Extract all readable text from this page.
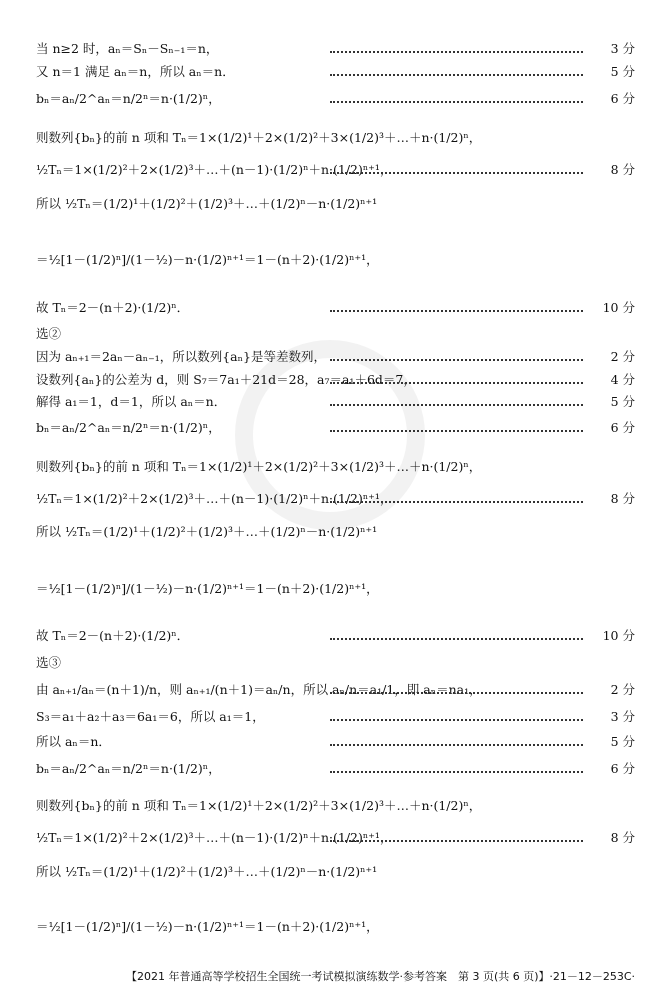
当 n≥2 时，aₙ＝Sₙ－Sₙ₋₁＝n，	3 分
又 n＝1 满足 aₙ＝n，所以 aₙ＝n．	5 分
bₙ＝aₙ/2^aₙ＝n/2ⁿ＝n·(1/2)ⁿ，	6 分
则数列{bₙ}的前 n 项和 Tₙ＝1×(1/2)¹＋2×(1/2)²＋3×(1/2)³＋…＋n·(1/2)ⁿ，
½Tₙ＝1×(1/2)²＋2×(1/2)³＋…＋(n－1)·(1/2)ⁿ＋n·(1/2)ⁿ⁺¹，	8 分
所以 ½Tₙ＝(1/2)¹＋(1/2)²＋(1/2)³＋…＋(1/2)ⁿ－n·(1/2)ⁿ⁺¹
＝½[1－(1/2)ⁿ]/(1－½)－n·(1/2)ⁿ⁺¹＝1－(n＋2)·(1/2)ⁿ⁺¹，
故 Tₙ＝2－(n＋2)·(1/2)ⁿ．	10 分
选②
因为 aₙ₊₁＝2aₙ－aₙ₋₁，所以数列{aₙ}是等差数列，	2 分
设数列{aₙ}的公差为 d，则 S₇＝7a₁＋21d＝28，a₇＝a₁＋6d＝7，	4 分
解得 a₁＝1，d＝1，所以 aₙ＝n．	5 分
bₙ＝aₙ/2^aₙ＝n/2ⁿ＝n·(1/2)ⁿ，	6 分
则数列{bₙ}的前 n 项和 Tₙ＝1×(1/2)¹＋2×(1/2)²＋3×(1/2)³＋…＋n·(1/2)ⁿ，
½Tₙ＝1×(1/2)²＋2×(1/2)³＋…＋(n－1)·(1/2)ⁿ＋n·(1/2)ⁿ⁺¹，	8 分
所以 ½Tₙ＝(1/2)¹＋(1/2)²＋(1/2)³＋…＋(1/2)ⁿ－n·(1/2)ⁿ⁺¹
＝½[1－(1/2)ⁿ]/(1－½)－n·(1/2)ⁿ⁺¹＝1－(n＋2)·(1/2)ⁿ⁺¹，
故 Tₙ＝2－(n＋2)·(1/2)ⁿ．	10 分
选③
由 aₙ₊₁/aₙ＝(n＋1)/n，则 aₙ₊₁/(n＋1)＝aₙ/n，所以 aₙ/n＝a₁/1，即 aₙ＝na₁，	2 分
S₃＝a₁＋a₂＋a₃＝6a₁＝6，所以 a₁＝1，	3 分
所以 aₙ＝n．	5 分
bₙ＝aₙ/2^aₙ＝n/2ⁿ＝n·(1/2)ⁿ，	6 分
则数列{bₙ}的前 n 项和 Tₙ＝1×(1/2)¹＋2×(1/2)²＋3×(1/2)³＋…＋n·(1/2)ⁿ，
½Tₙ＝1×(1/2)²＋2×(1/2)³＋…＋(n－1)·(1/2)ⁿ＋n·(1/2)ⁿ⁺¹，	8 分
所以 ½Tₙ＝(1/2)¹＋(1/2)²＋(1/2)³＋…＋(1/2)ⁿ－n·(1/2)ⁿ⁺¹
＝½[1－(1/2)ⁿ]/(1－½)－n·(1/2)ⁿ⁺¹＝1－(n＋2)·(1/2)ⁿ⁺¹，
【2021 年普通高等学校招生全国统一考试模拟演练数学·参考答案　第 3 页(共 6 页)】 ·21－12－253C·
